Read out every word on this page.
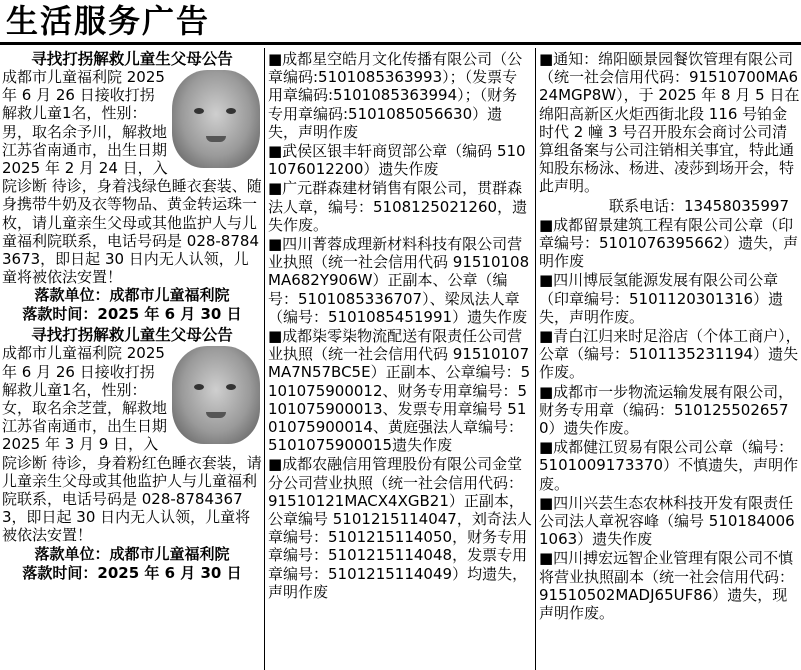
生活服务广告
寻找打拐解救儿童生父母公告
成都市儿童福利院 2025 年 6 月 26 日接收打拐解救儿童1名，性别：男，取名余予川，解救地江苏省南通市，出生日期 2025 年 2 月 24 日，入院诊断 待诊，身着浅绿色睡衣套装、随身携带牛奶及衣等物品、黄金转运珠一枚，请儿童亲生父母或其他监护人与儿童福利院联系，电话号码是 028-87843673，即日起 30 日内无人认领，儿童将被依法安置！
落款单位：成都市儿童福利院
落款时间：2025 年 6 月 30 日
寻找打拐解救儿童生父母公告
成都市儿童福利院 2025 年 6 月 26 日接收打拐解救儿童1名，性别：女，取名余芝萱，解救地江苏省南通市，出生日期 2025 年 3 月 9 日，入院诊断 待诊，身着粉红色睡衣套装，请儿童亲生父母或其他监护人与儿童福利院联系，电话号码是 028-87843673，即日起 30 日内无人认领，儿童将被依法安置！
落款单位：成都市儿童福利院
落款时间：2025 年 6 月 30 日
■成都星空皓月文化传播有限公司（公章编码:5101085363993）；（发票专用章编码:5101085363994）；（财务专用章编码:5101085056630）遗失，声明作废
■武侯区银丰轩商贸部公章（编码 5101076012200）遗失作废
■广元群森建材销售有限公司，贯群森法人章，编号：5108125021260，遗失作废。
■四川菁蓉成理新材料科技有限公司营业执照（统一社会信用代码 91510108MA682Y906W）正副本、公章（编号：5101085336707）、梁凤法人章（编号：5101085451991）遗失作废
■成都柒零柒物流配送有限责任公司营业执照（统一社会信用代码 91510107MA7N57BC5E）正副本、公章编号：5101075900012、财务专用章编号：5101075900013、发票专用章编号 5101075900014、黄庭强法人章编号：5101075900015遗失作废
■成都农融信用管理股份有限公司金堂分公司营业执照（统一社会信用代码：91510121MACX4XGB21）正副本，公章编号 5101215114047，刘奇法人章编号：5101215114050，财务专用章编号：5101215114048，发票专用章编号：5101215114049）均遗失，声明作废
■通知：绵阳颐景园餐饮管理有限公司（统一社会信用代码：91510700MA624MGP8W），于 2025 年 8 月 5 日在绵阳高新区火炬西街北段 116 号铂金时代 2 幢 3 号召开股东会商讨公司清算组备案与公司注销相关事宜，特此通知股东杨泳、杨进、凌莎到场开会，特此声明。
联系电话：13458035997
■成都留景建筑工程有限公司公章（印章编号：5101076395662）遗失，声明作废
■四川博辰氢能源发展有限公司公章（印章编号：5101120301316）遗失，声明作废。
■青白江归来时足浴店（个体工商户），公章（编号：5101135231194）遗失作废。
■成都市一步物流运输发展有限公司，财务专用章（编码：5101255026570）遗失作废。
■成都健江贸易有限公司公章（编号：5101009173370）不慎遗失，声明作废。
■四川兴芸生态农林科技开发有限责任公司法人章祝容峰（编号 5101840061063）遗失作废
■四川搏宏远智企业管理有限公司不慎将营业执照副本（统一社会信用代码：91510502MADJ65UF86）遗失，现声明作废。
